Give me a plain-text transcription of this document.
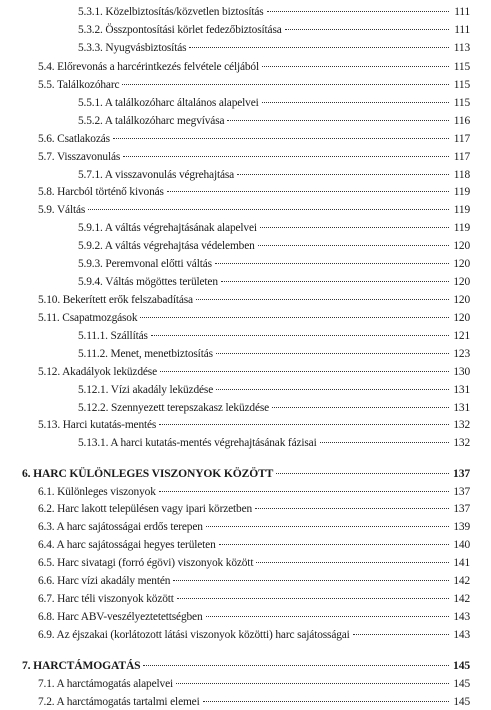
5.3.1. Közelbiztosítás/közvetlen biztosítás	111
5.3.2. Összpontosítási körlet fedezőbiztosítása	111
5.3.3. Nyugvásbiztosítás	113
5.4. Előrevonás a harcérintkezés felvétele céljából	115
5.5. Találkozóharc	115
5.5.1. A találkozóharc általános alapelvei	115
5.5.2. A találkozóharc megvívása	116
5.6. Csatlakozás	117
5.7. Visszavonulás	117
5.7.1. A visszavonulás végrehajtása	118
5.8. Harcból történő kivonás	119
5.9. Váltás	119
5.9.1. A váltás végrehajtásának alapelvei	119
5.9.2. A váltás végrehajtása védelemben	120
5.9.3. Peremvonal előtti váltás	120
5.9.4. Váltás mögöttes területen	120
5.10. Bekerített erők felszabadítása	120
5.11. Csapatmozgások	120
5.11.1. Szállítás	121
5.11.2. Menet, menetbiztosítás	123
5.12. Akadályok leküzdése	130
5.12.1. Vízi akadály leküzdése	131
5.12.2. Szennyezett terepszakasz leküzdése	131
5.13. Harci kutatás-mentés	132
5.13.1. A harci kutatás-mentés végrehajtásának fázisai	132
6. HARC KÜLÖNLEGES VISZONYOK KÖZÖTT	137
6.1. Különleges viszonyok	137
6.2. Harc lakott településen vagy ipari körzetben	137
6.3. A harc sajátosságai erdős terepen	139
6.4. A harc sajátosságai hegyes területen	140
6.5. Harc sivatagi (forró égövi) viszonyok között	141
6.6. Harc vízi akadály mentén	142
6.7. Harc téli viszonyok között	142
6.8. Harc ABV-veszélyeztetettségben	143
6.9. Az éjszakai (korlátozott látási viszonyok közötti) harc sajátosságai	143
7. HARCTÁMOGATÁS	145
7.1. A harctámogatás alapelvei	145
7.2. A harctámogatás tartalmi elemei	145
